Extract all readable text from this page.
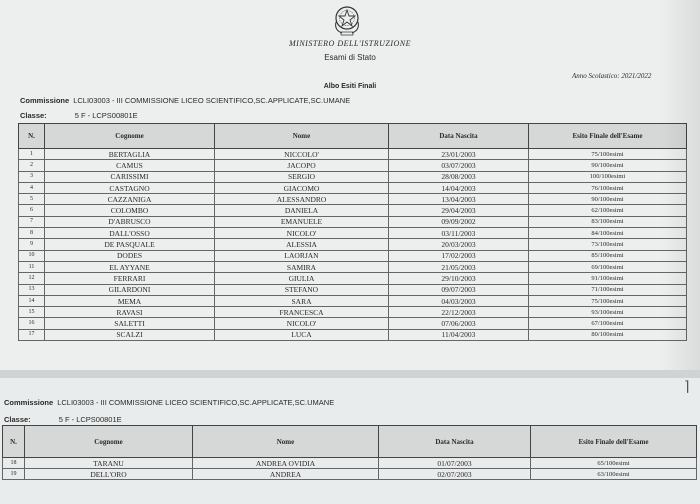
MINISTERO DELL'ISTRUZIONE
Esami di Stato
Anno Scolastico: 2021/2022
Albo Esiti Finali
Commissione LCLI03003 - III COMMISSIONE LICEO SCIENTIFICO,SC.APPLICATE,SC.UMANE
Classe:	5 F - LCPS00801E
N.	Cognome	Nome	Data Nascita	Esito Finale dell'Esame
1	BERTAGLIA	NICCOLO'	23/01/2003	75/100esimi
2	CAMUS	JACOPO	03/07/2003	90/100esimi
3	CARISSIMI	SERGIO	28/08/2003	100/100esimi
4	CASTAGNO	GIACOMO	14/04/2003	76/100esimi
5	CAZZANIGA	ALESSANDRO	13/04/2003	90/100esimi
6	COLOMBO	DANIELA	29/04/2003	62/100esimi
7	D'ABRUSCO	EMANUELE	09/09/2002	83/100esimi
8	DALL'OSSO	NICOLO'	03/11/2003	84/100esimi
9	DE PASQUALE	ALESSIA	20/03/2003	73/100esimi
10	DODES	LAORJAN	17/02/2003	85/100esimi
11	EL AYYANE	SAMIRA	21/05/2003	69/100esimi
12	FERRARI	GIULIA	29/10/2003	91/100esimi
13	GILARDONI	STEFANO	09/07/2003	71/100esimi
14	MEMA	SARA	04/03/2003	75/100esimi
15	RAVASI	FRANCESCA	22/12/2003	93/100esimi
16	SALETTI	NICOLO'	07/06/2003	67/100esimi
17	SCALZI	LUCA	11/04/2003	80/100esimi
Commissione LCLI03003 - III COMMISSIONE LICEO SCIENTIFICO,SC.APPLICATE,SC.UMANE
Classe:	5 F - LCPS00801E
⌉
N.	Cognome	Nome	Data Nascita	Esito Finale dell'Esame
18	TARANU	ANDREA OVIDIA	01/07/2003	65/100esimi
19	DELL'ORO	ANDREA	02/07/2003	63/100esimi
